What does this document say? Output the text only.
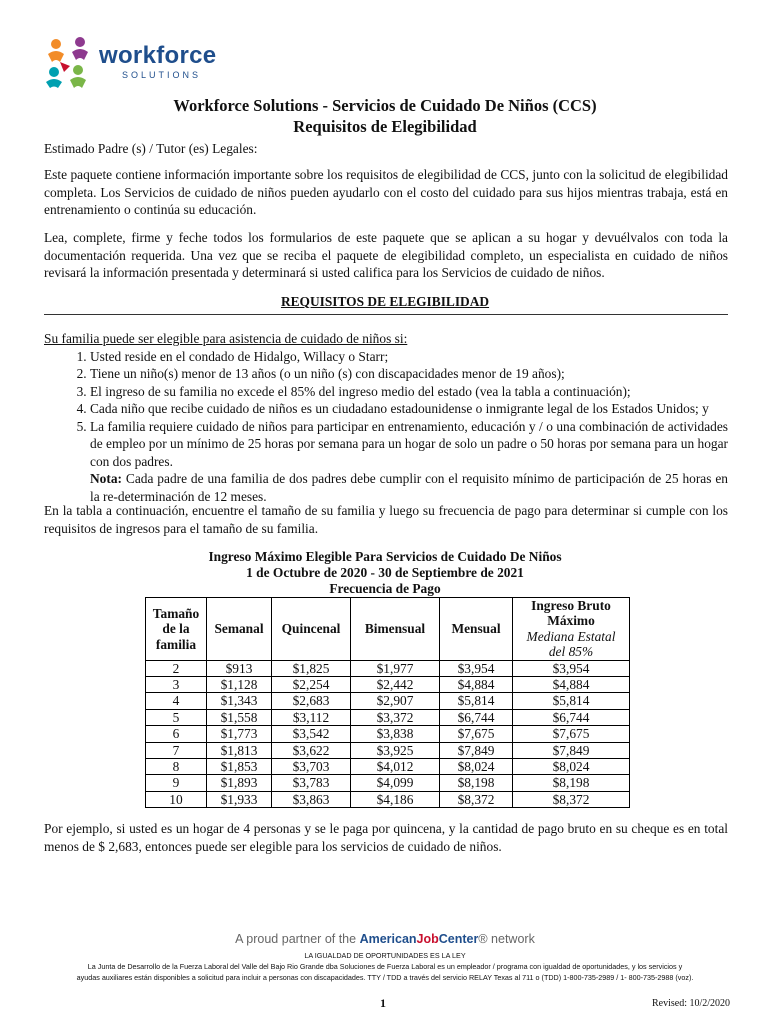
workforce
SOLUTIONS
Workforce Solutions - Servicios de Cuidado De Niños (CCS)
Requisitos de Elegibilidad
Estimado Padre (s) / Tutor (es) Legales:
Este paquete contiene información importante sobre los requisitos de elegibilidad de CCS, junto con la solicitud de elegibilidad completa. Los Servicios de cuidado de niños pueden ayudarlo con el costo del cuidado para sus hijos mientras trabaja, está en entrenamiento o continúa su educación.
Lea, complete, firme y feche todos los formularios de este paquete que se aplican a su hogar y devuélvalos con toda la documentación requerida. Una vez que se reciba el paquete de elegibilidad completo, un especialista en cuidado de niños revisará la información presentada y determinará si usted califica para los Servicios de cuidado de niños.
REQUISITOS DE ELEGIBILIDAD
Su familia puede ser elegible para asistencia de cuidado de niños si:
1. Usted reside en el condado de Hidalgo, Willacy o Starr;
2. Tiene un niño(s) menor de 13 años (o un niño (s) con discapacidades menor de 19 años);
3. El ingreso de su familia no excede el 85% del ingreso medio del estado (vea la tabla a continuación);
4. Cada niño que recibe cuidado de niños es un ciudadano estadounidense o inmigrante legal de los Estados Unidos; y
5. La familia requiere cuidado de niños para participar en entrenamiento, educación y / o una combinación de actividades de empleo por un mínimo de 25 horas por semana para un hogar de solo un padre o 50 horas por semana para un hogar con dos padres.
Nota: Cada padre de una familia de dos padres debe cumplir con el requisito mínimo de participación de 25 horas en la re-determinación de 12 meses.
En la tabla a continuación, encuentre el tamaño de su familia y luego su frecuencia de pago para determinar si cumple con los requisitos de ingresos para el tamaño de su familia.
Ingreso Máximo Elegible Para Servicios de Cuidado De Niños
1 de Octubre de 2020 - 30 de Septiembre de 2021
Frecuencia de Pago
Tamaño de la familia	Semanal	Quincenal	Bimensual	Mensual	Ingreso Bruto Máximo
Mediana Estatal del 85%

2	$913	$1,825	$1,977	$3,954	$3,954
3	$1,128	$2,254	$2,442	$4,884	$4,884
4	$1,343	$2,683	$2,907	$5,814	$5,814
5	$1,558	$3,112	$3,372	$6,744	$6,744
6	$1,773	$3,542	$3,838	$7,675	$7,675
7	$1,813	$3,622	$3,925	$7,849	$7,849
8	$1,853	$3,703	$4,012	$8,024	$8,024
9	$1,893	$3,783	$4,099	$8,198	$8,198
10	$1,933	$3,863	$4,186	$8,372	$8,372
Por ejemplo, si usted es un hogar de 4 personas y se le paga por quincena, y la cantidad de pago bruto en su cheque es en total menos de $ 2,683, entonces puede ser elegible para los servicios de cuidado de niños.
A proud partner of the AmericanJobCenter® network
LA IGUALDAD DE OPORTUNIDADES ES LA LEY
La Junta de Desarrollo de la Fuerza Laboral del Valle del Bajo Rio Grande dba Soluciones de Fuerza Laboral es un empleador / programa con igualdad de oportunidades, y los servicios y
ayudas auxiliares están disponibles a solicitud para incluir a personas con discapacidades. TTY / TDD a través del servicio RELAY Texas al 711 o (TDD) 1-800-735-2989 / 1- 800-735-2988 (voz).
1	Revised: 10/2/2020
